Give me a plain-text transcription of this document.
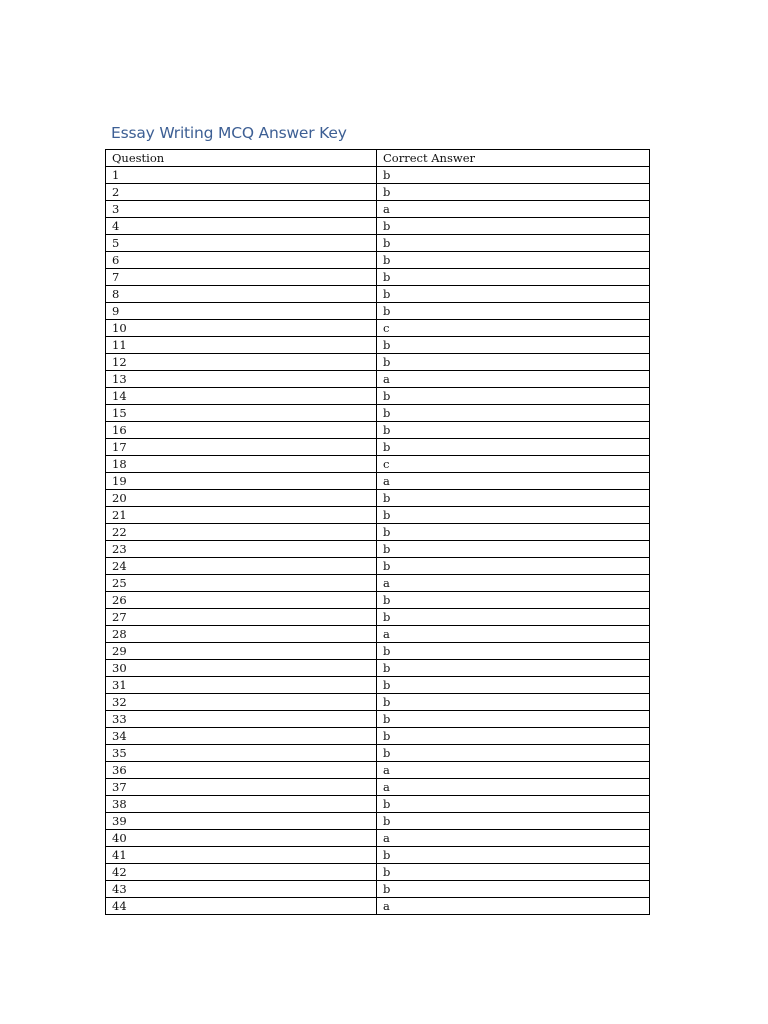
Essay Writing MCQ Answer Key
Question	Correct Answer
1	b
2	b
3	a
4	b
5	b
6	b
7	b
8	b
9	b
10	c
11	b
12	b
13	a
14	b
15	b
16	b
17	b
18	c
19	a
20	b
21	b
22	b
23	b
24	b
25	a
26	b
27	b
28	a
29	b
30	b
31	b
32	b
33	b
34	b
35	b
36	a
37	a
38	b
39	b
40	a
41	b
42	b
43	b
44	a
